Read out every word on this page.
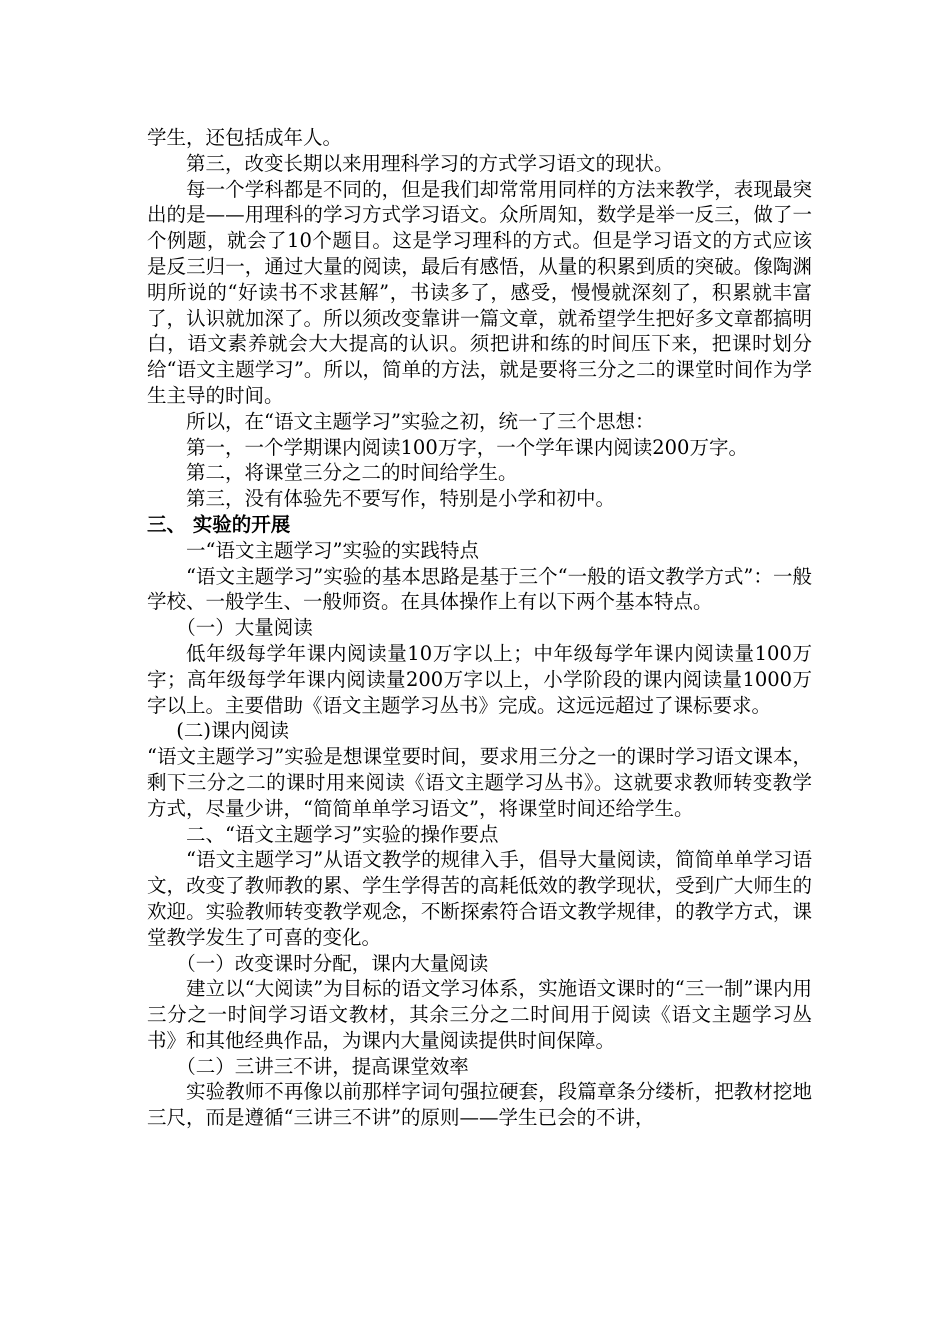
学生，还包括成年人。

第三，改变长期以来用理科学习的方式学习语文的现状。

每一个学科都是不同的，但是我们却常常用同样的方法来教学，表现最突出的是——用理科的学习方式学习语文。众所周知，数学是举一反三，做了一个例题，就会了10个题目。这是学习理科的方式。但是学习语文的方式应该是反三归一，通过大量的阅读，最后有感悟，从量的积累到质的突破。像陶渊明所说的“好读书不求甚解”，书读多了，感受，慢慢就深刻了，积累就丰富了，认识就加深了。所以须改变靠讲一篇文章，就希望学生把好多文章都搞明白，语文素养就会大大提高的认识。须把讲和练的时间压下来，把课时划分给“语文主题学习”。所以，简单的方法，就是要将三分之二的课堂时间作为学生主导的时间。

所以，在“语文主题学习”实验之初，统一了三个思想：

第一，一个学期课内阅读100万字，一个学年课内阅读200万字。

第二，将课堂三分之二的时间给学生。

第三，没有体验先不要写作，特别是小学和初中。

三、 实验的开展

一“语文主题学习”实验的实践特点

“语文主题学习”实验的基本思路是基于三个“一般的语文教学方式”：一般学校、一般学生、一般师资。在具体操作上有以下两个基本特点。

（一）大量阅读

低年级每学年课内阅读量10万字以上；中年级每学年课内阅读量100万字；高年级每学年课内阅读量200万字以上，小学阶段的课内阅读量1000万字以上。主要借助《语文主题学习丛书》完成。这远远超过了课标要求。

(二)课内阅读

“语文主题学习”实验是想课堂要时间，要求用三分之一的课时学习语文课本，剩下三分之二的课时用来阅读《语文主题学习丛书》。这就要求教师转变教学方式，尽量少讲，“简简单单学习语文”，将课堂时间还给学生。

二、“语文主题学习”实验的操作要点

“语文主题学习”从语文教学的规律入手，倡导大量阅读，简简单单学习语文，改变了教师教的累、学生学得苦的高耗低效的教学现状，受到广大师生的欢迎。实验教师转变教学观念，不断探索符合语文教学规律，的教学方式，课堂教学发生了可喜的变化。

（一）改变课时分配，课内大量阅读

建立以“大阅读”为目标的语文学习体系，实施语文课时的“三一制”课内用三分之一时间学习语文教材，其余三分之二时间用于阅读《语文主题学习丛书》和其他经典作品，为课内大量阅读提供时间保障。

（二）三讲三不讲，提高课堂效率

实验教师不再像以前那样字词句强拉硬套，段篇章条分缕析，把教材挖地三尺，而是遵循“三讲三不讲”的原则——学生已会的不讲，
